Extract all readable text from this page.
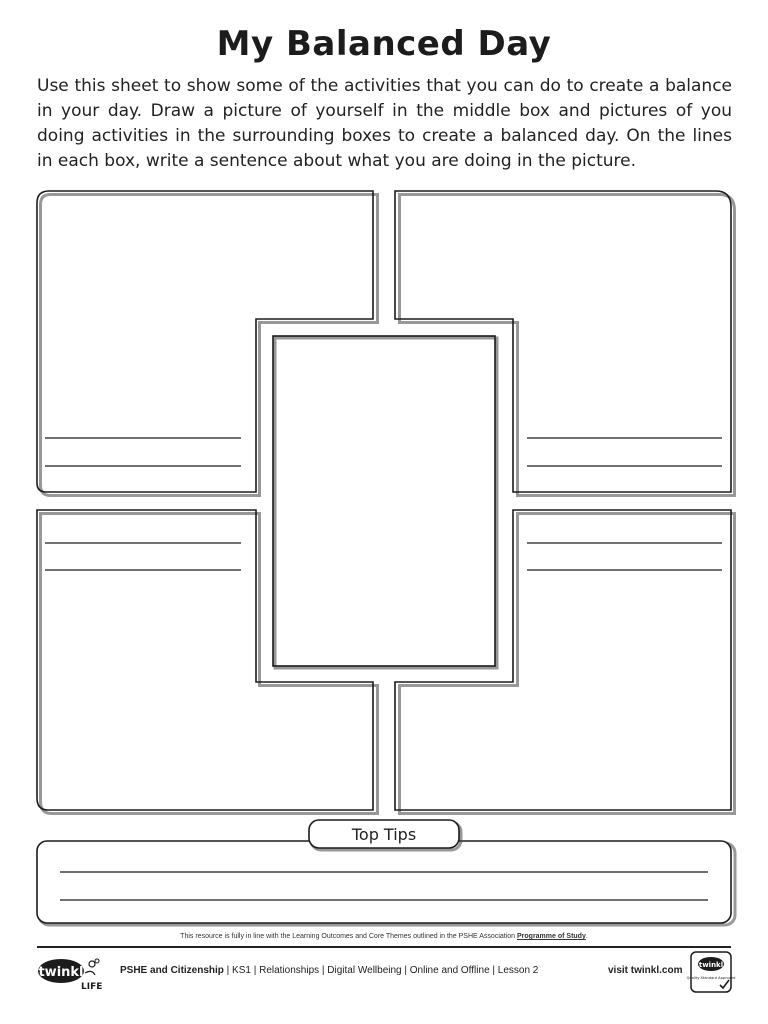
My Balanced Day
Use this sheet to show some of the activities that you can do to create a balance in your day. Draw a picture of yourself in the middle box and pictures of you doing activities in the surrounding boxes to create a balanced day. On the lines in each box, write a sentence about what you are doing in the picture.
Top Tips
This resource is fully in line with the Learning Outcomes and Core Themes outlined in the PSHE Association Programme of Study.
twinkl
LIFE
PSHE and Citizenship | KS1 | Relationships | Digital Wellbeing | Online and Offline | Lesson 2	visit twinkl.com twinkl
Quality Standard Approved
